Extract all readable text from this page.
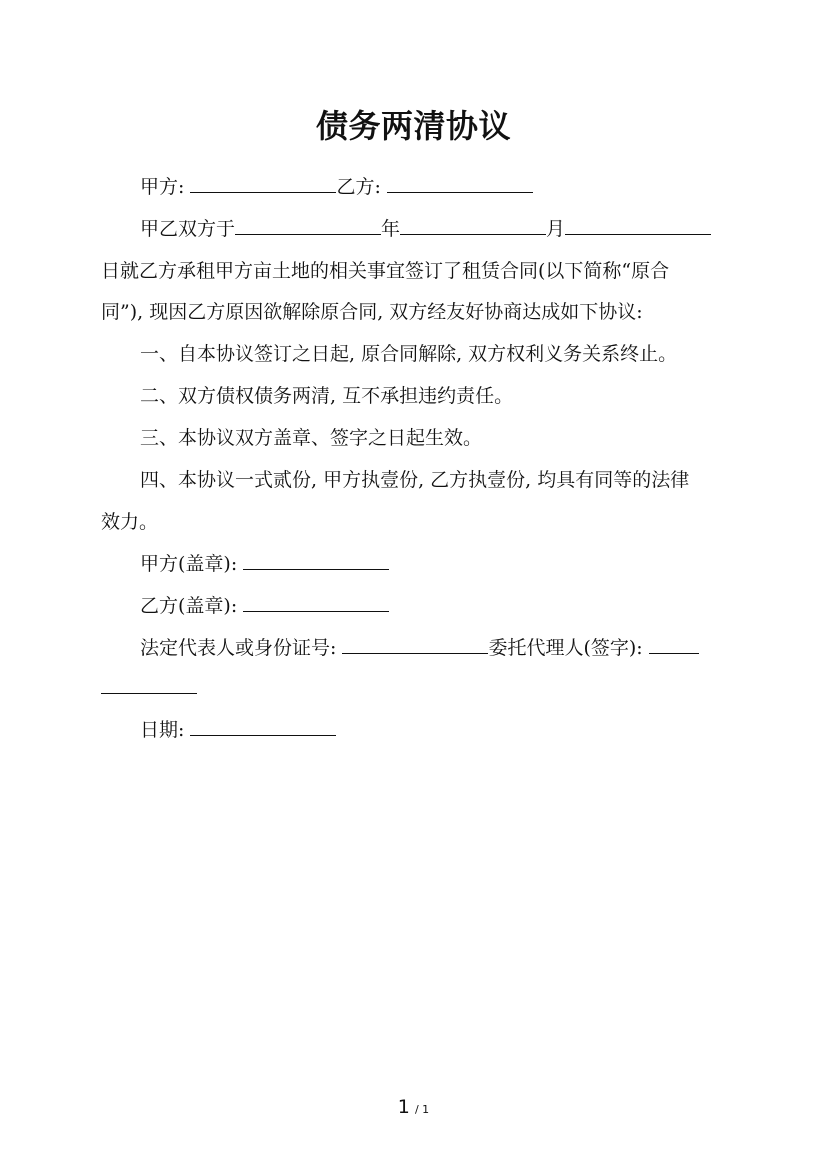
债务两清协议
甲方:	乙方:
甲乙双方于	年	月
日就乙方承租甲方亩土地的相关事宜签订了租赁合同(以下简称“原合
同”), 现因乙方原因欲解除原合同, 双方经友好协商达成如下协议:
一、自本协议签订之日起, 原合同解除, 双方权利义务关系终止。
二、双方债权债务两清, 互不承担违约责任。
三、本协议双方盖章、签字之日起生效。
四、本协议一式贰份, 甲方执壹份, 乙方执壹份, 均具有同等的法律
效力。
甲方(盖章):
乙方(盖章):
法定代表人或身份证号:	委托代理人(签字):
日期:
1 / 1
